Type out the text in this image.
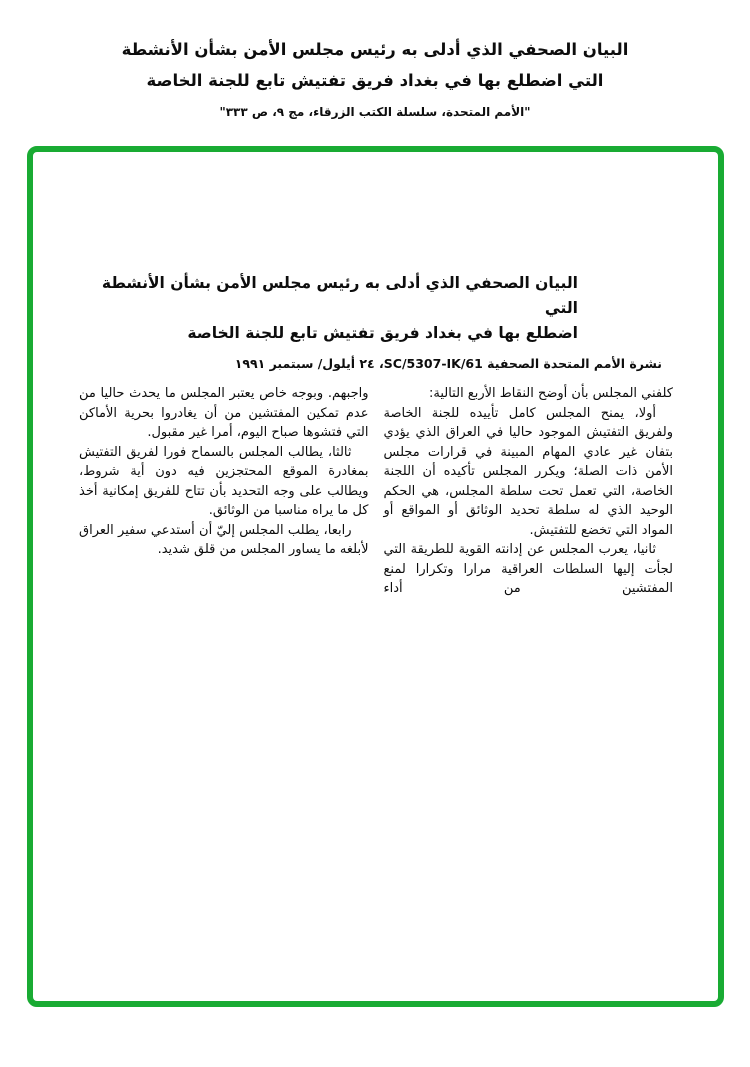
البيان الصحفي الذي أدلى به رئيس مجلس الأمن بشأن الأنشطة
التي اضطلع بها في بغداد فريق تفتيش تابع للجنة الخاصة
"الأمم المتحدة، سلسلة الكتب الزرقاء، مج ٩، ص ٣٣٣"
البيان الصحفي الذي أدلى به رئيس مجلس الأمن بشأن الأنشطة التي
اضطلع بها في بغداد فريق تفتيش تابع للجنة الخاصة
نشرة الأمم المتحدة الصحفية SC/5307-IK/61، ٢٤ أيلول/ سبتمبر ١٩٩١

كلفني المجلس بأن أوضح النقاط الأربع التالية:

أولا، يمنح المجلس كامل تأييده للجنة الخاصة ولفريق التفتيش الموجود حاليا في العراق الذي يؤدي بتفان غير عادي المهام المبينة في قرارات مجلس الأمن ذات الصلة؛ ويكرر المجلس تأكيده أن اللجنة الخاصة، التي تعمل تحت سلطة المجلس، هي الحكم الوحيد الذي له سلطة تحديد الوثائق أو المواقع أو المواد التي تخضع للتفتيش.

ثانيا، يعرب المجلس عن إدانته القوية للطريقة التي لجأت إليها السلطات العراقية مرارا وتكرارا لمنع المفتشين من أداء

واجبهم. وبوجه خاص يعتبر المجلس ما يحدث حاليا من عدم تمكين المفتشين من أن يغادروا بحرية الأماكن التي فتشوها صباح اليوم، أمرا غير مقبول.

ثالثا، يطالب المجلس بالسماح فورا لفريق التفتيش بمغادرة الموقع المحتجزين فيه دون أية شروط، ويطالب على وجه التحديد بأن تتاح للفريق إمكانية أخذ كل ما يراه مناسبا من الوثائق.

رابعا، يطلب المجلس إليّ أن أستدعي سفير العراق لأبلغه ما يساور المجلس من قلق شديد.
